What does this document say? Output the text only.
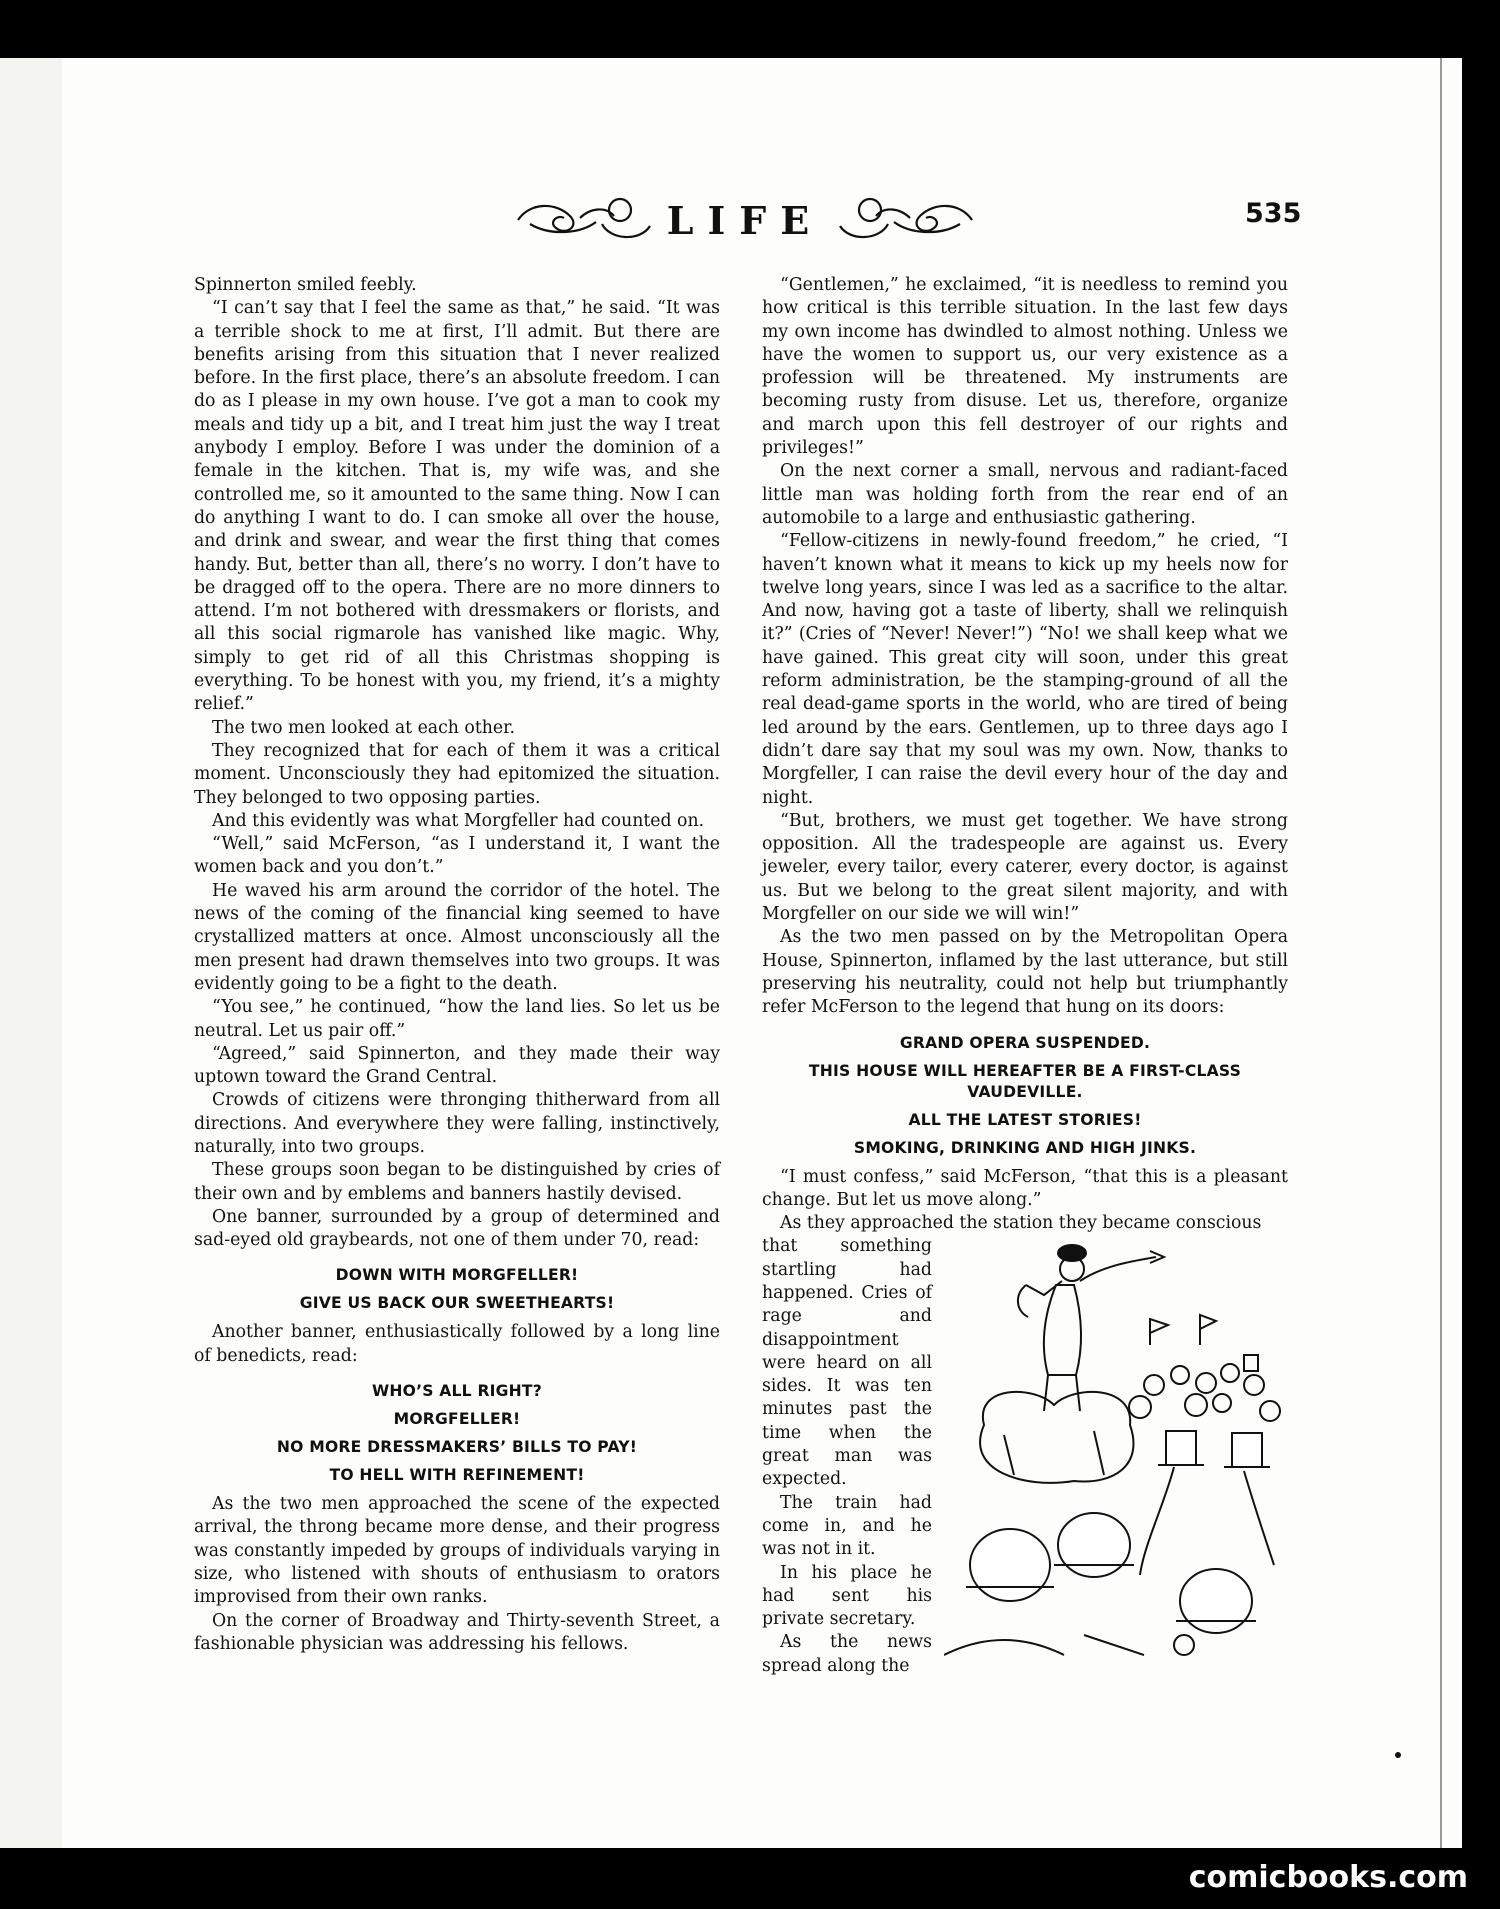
LIFE	535

Spinnerton smiled feebly.

“I can’t say that I feel the same as that,” he said. “It was a terrible shock to me at first, I’ll admit. But there are benefits arising from this situation that I never realized before. In the first place, there’s an absolute freedom. I can do as I please in my own house. I’ve got a man to cook my meals and tidy up a bit, and I treat him just the way I treat anybody I employ. Before I was under the dominion of a female in the kitchen. That is, my wife was, and she controlled me, so it amounted to the same thing. Now I can do anything I want to do. I can smoke all over the house, and drink and swear, and wear the first thing that comes handy. But, better than all, there’s no worry. I don’t have to be dragged off to the opera. There are no more dinners to attend. I’m not bothered with dressmakers or florists, and all this social rigmarole has vanished like magic. Why, simply to get rid of all this Christmas shopping is everything. To be honest with you, my friend, it’s a mighty relief.”

The two men looked at each other.

They recognized that for each of them it was a critical moment. Unconsciously they had epitomized the situation. They belonged to two opposing parties.

And this evidently was what Morgfeller had counted on.

“Well,” said McFerson, “as I understand it, I want the women back and you don’t.”

He waved his arm around the corridor of the hotel. The news of the coming of the financial king seemed to have crystallized matters at once. Almost unconsciously all the men present had drawn themselves into two groups. It was evidently going to be a fight to the death.

“You see,” he continued, “how the land lies. So let us be neutral. Let us pair off.”

“Agreed,” said Spinnerton, and they made their way uptown toward the Grand Central.

Crowds of citizens were thronging thitherward from all directions. And everywhere they were falling, instinctively, naturally, into two groups.

These groups soon began to be distinguished by cries of their own and by emblems and banners hastily devised.

One banner, surrounded by a group of determined and sad-eyed old graybeards, not one of them under 70, read:

DOWN WITH MORGFELLER!

GIVE US BACK OUR SWEETHEARTS!

Another banner, enthusiastically followed by a long line of benedicts, read:

WHO’S ALL RIGHT?

MORGFELLER!

NO MORE DRESSMAKERS’ BILLS TO PAY!

TO HELL WITH REFINEMENT!

As the two men approached the scene of the expected arrival, the throng became more dense, and their progress was constantly impeded by groups of individuals varying in size, who listened with shouts of enthusiasm to orators improvised from their own ranks.

On the corner of Broadway and Thirty-seventh Street, a fashionable physician was addressing his fellows.

“Gentlemen,” he exclaimed, “it is needless to remind you how critical is this terrible situation. In the last few days my own income has dwindled to almost nothing. Unless we have the women to support us, our very existence as a profession will be threatened. My instruments are becoming rusty from disuse. Let us, therefore, organize and march upon this fell destroyer of our rights and privileges!”

On the next corner a small, nervous and radiant-faced little man was holding forth from the rear end of an automobile to a large and enthusiastic gathering.

“Fellow-citizens in newly-found freedom,” he cried, “I haven’t known what it means to kick up my heels now for twelve long years, since I was led as a sacrifice to the altar. And now, having got a taste of liberty, shall we relinquish it?” (Cries of “Never! Never!”) “No! we shall keep what we have gained. This great city will soon, under this great reform administration, be the stamping-ground of all the real dead-game sports in the world, who are tired of being led around by the ears. Gentlemen, up to three days ago I didn’t dare say that my soul was my own. Now, thanks to Morgfeller, I can raise the devil every hour of the day and night.

“But, brothers, we must get together. We have strong opposition. All the tradespeople are against us. Every jeweler, every tailor, every caterer, every doctor, is against us. But we belong to the great silent majority, and with Morgfeller on our side we will win!”

As the two men passed on by the Metropolitan Opera House, Spinnerton, inflamed by the last utterance, but still preserving his neutrality, could not help but triumphantly refer McFerson to the legend that hung on its doors:

GRAND OPERA SUSPENDED.

THIS HOUSE WILL HEREAFTER BE A FIRST-CLASS VAUDEVILLE.

ALL THE LATEST STORIES!

SMOKING, DRINKING AND HIGH JINKS.

“I must confess,” said McFerson, “that this is a pleasant change. But let us move along.”

As they approached the station they became conscious

that something startling had happened. Cries of rage and disappointment were heard on all sides. It was ten minutes past the time when the great man was expected.

The train had come in, and he was not in it.

In his place he had sent his private secretary.

As the news spread along the

comicbooks.com
